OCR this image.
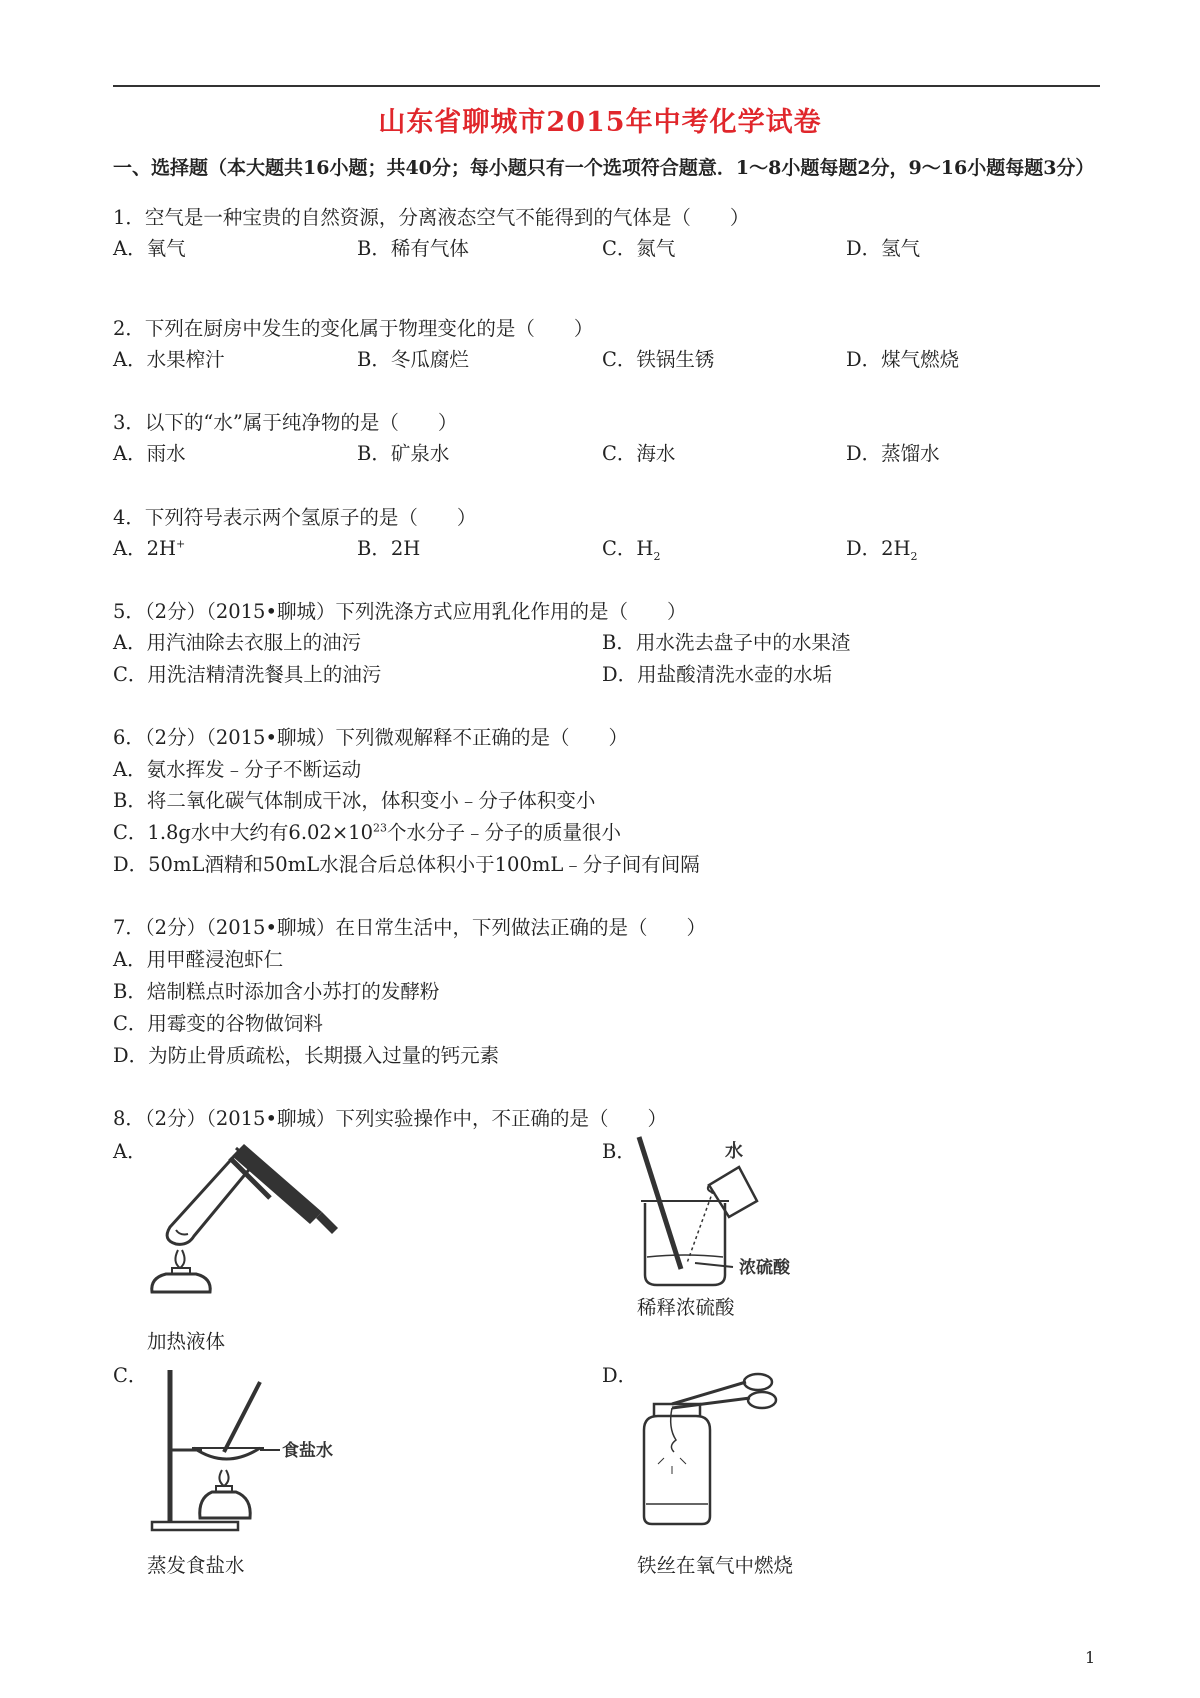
山东省聊城市2015年中考化学试卷
一、选择题（本大题共16小题；共40分；每小题只有一个选项符合题意．1～8小题每题2分，9～16小题每题3分）
1．空气是一种宝贵的自然资源，分离液态空气不能得到的气体是（　　）
A．氧气	B．稀有气体	C．氮气	D．氢气
2．下列在厨房中发生的变化属于物理变化的是（　　）
A．水果榨汁	B．冬瓜腐烂	C．铁锅生锈	D．煤气燃烧
3．以下的“水”属于纯净物的是（　　）
A．雨水	B．矿泉水	C．海水	D．蒸馏水
4．下列符号表示两个氢原子的是（　　）
A．2H+	B．2H	C．$H_2$	D．$2H_2$
5．（2分）（2015•聊城）下列洗涤方式应用乳化作用的是（　　）
A．用汽油除去衣服上的油污	B．用水洗去盘子中的水果渣
C．用洗洁精清洗餐具上的油污	D．用盐酸清洗水壶的水垢
6．（2分）（2015•聊城）下列微观解释不正确的是（　　）
A．氨水挥发﹣分子不断运动
B．将二氧化碳气体制成干冰，体积变小﹣分子体积变小
C．1.8g水中大约有$6.02\times 10^{23}$个水分子﹣分子的质量很小
D．50mL酒精和50mL水混合后总体积小于100mL﹣分子间有间隔
7．（2分）（2015•聊城）在日常生活中，下列做法正确的是（　　）
A．用甲醛浸泡虾仁
B．焙制糕点时添加含小苏打的发酵粉
C．用霉变的谷物做饲料
D．为防止骨质疏松，长期摄入过量的钙元素
8．（2分）（2015•聊城）下列实验操作中，不正确的是（　　）
A．	B．
C．	D．
加热液体
浓硫酸
水
稀释浓硫酸
食盐水
蒸发食盐水	铁丝在氧气中燃烧
1
